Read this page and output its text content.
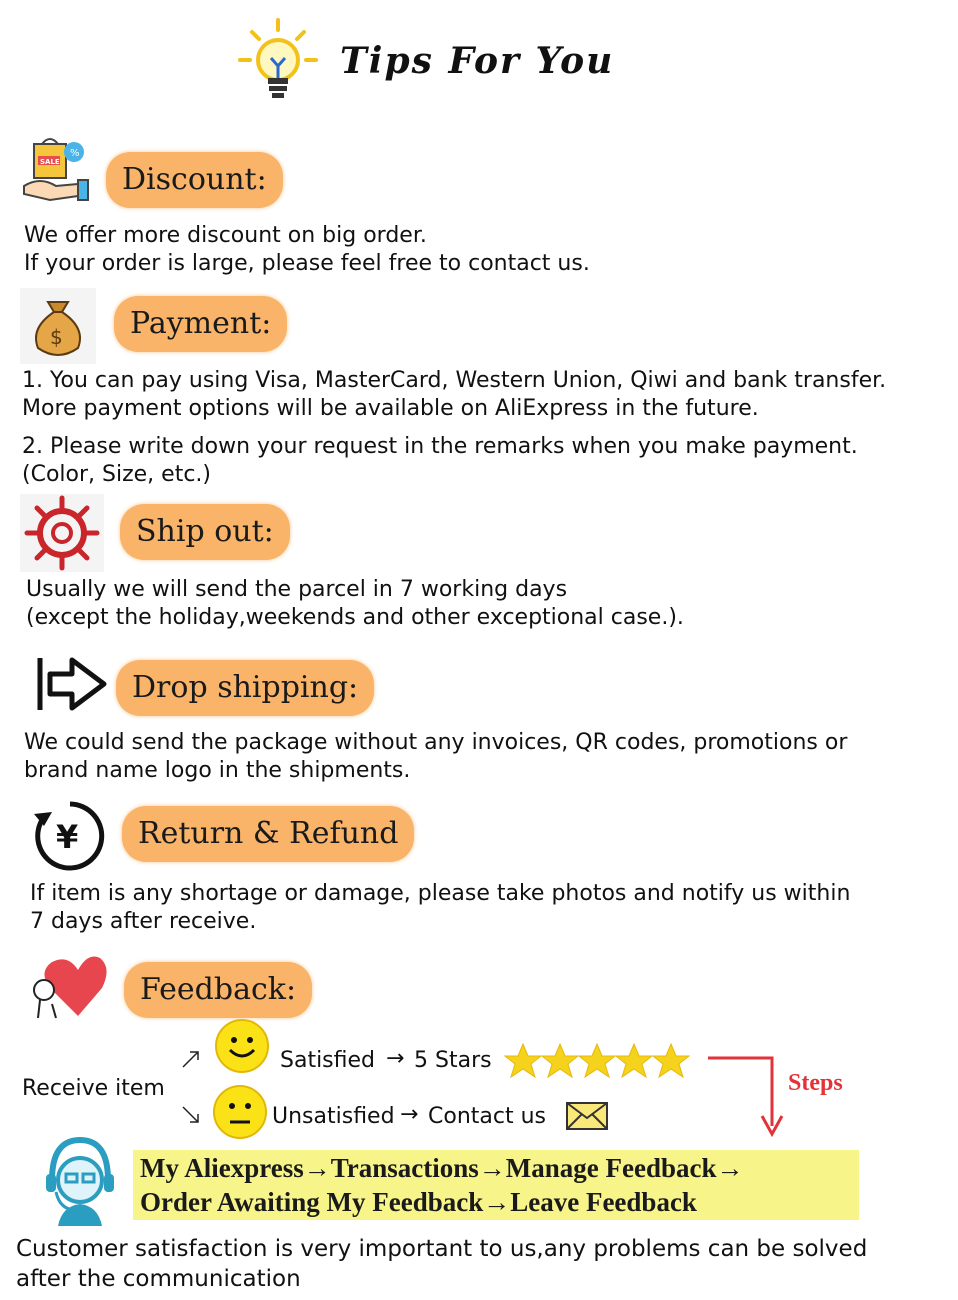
Tips For You
SALE
%
Discount:
We offer more discount on big order.
If your order is large, please feel free to contact us.
$	Payment:
1. You can pay using Visa, MasterCard, Western Union, Qiwi and bank transfer.
More payment options will be available on AliExpress in the future.
2. Please write down your request in the remarks when you make payment.
(Color, Size, etc.)
Ship out:
Usually we will send the parcel in 7 working days
(except the holiday,weekends and other exceptional case.).
Drop shipping:
We could send the package without any invoices, QR codes, promotions or
brand name logo in the shipments.
¥	Return & Refund
If item is any shortage or damage, please take photos and notify us within
7 days after receive.
Feedback:
Receive item
Satisfied → 5 Stars
Unsatisfied → Contact us
Steps
My Aliexpress→Transactions→Manage Feedback→
Order Awaiting My Feedback→Leave Feedback
Customer satisfaction is very important to us,any problems can be solved
after the communication
